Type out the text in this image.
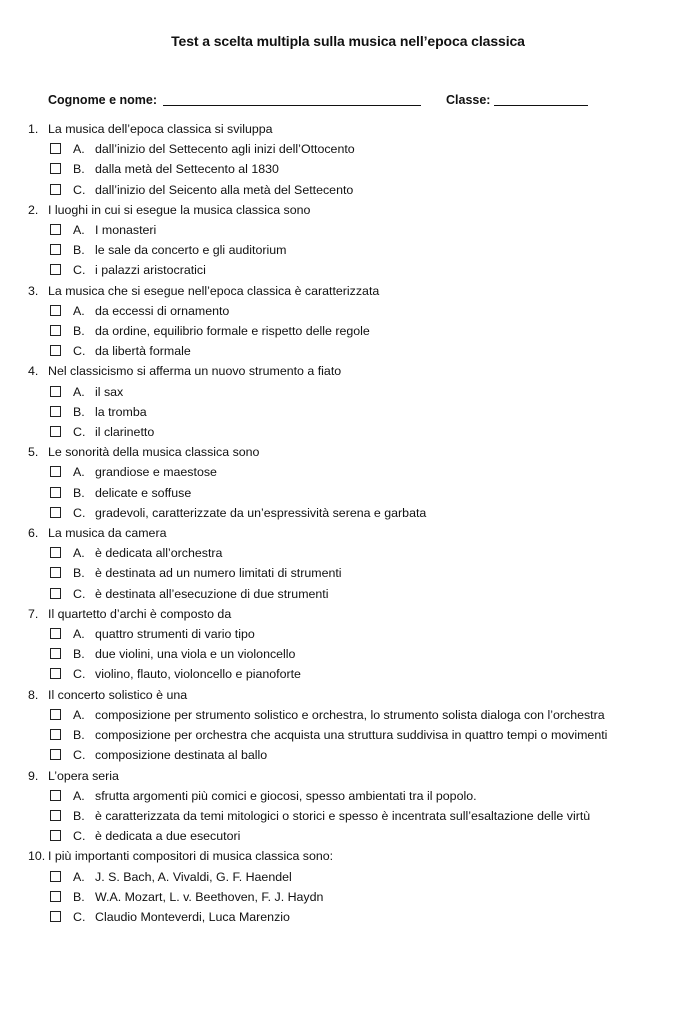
Test a scelta multipla sulla musica nell’epoca classica
Cognome e nome:	Classe:
1. La musica dell’epoca classica si sviluppa
A. dall’inizio del Settecento agli inizi dell’Ottocento
B. dalla metà del Settecento al 1830
C. dall’inizio del Seicento alla metà del Settecento
2. I luoghi in cui si esegue la musica classica sono
A. I monasteri
B. le sale da concerto e gli auditorium
C. i palazzi aristocratici
3. La musica che si esegue nell’epoca classica è caratterizzata
A. da eccessi di ornamento
B. da ordine, equilibrio formale e rispetto delle regole
C. da libertà formale
4. Nel classicismo si afferma un nuovo strumento a fiato
A. il sax
B. la tromba
C. il clarinetto
5. Le sonorità della musica classica sono
A. grandiose e maestose
B. delicate e soffuse
C. gradevoli, caratterizzate da un’espressività serena e garbata
6. La musica da camera
A. è dedicata all’orchestra
B. è destinata ad un numero limitati di strumenti
C. è destinata all’esecuzione di due strumenti
7. Il quartetto d’archi è composto da
A. quattro strumenti di vario tipo
B. due violini, una viola e un violoncello
C. violino, flauto, violoncello e pianoforte
8. Il concerto solistico è una
A. composizione per strumento solistico e orchestra, lo strumento solista dialoga con l’orchestra
B. composizione per orchestra che acquista una struttura suddivisa in quattro tempi o movimenti
C. composizione destinata al ballo
9. L’opera seria
A. sfrutta argomenti più comici e giocosi, spesso ambientati tra il popolo.
B. è caratterizzata da temi mitologici o storici e spesso è incentrata sull’esaltazione delle virtù
C. è dedicata a due esecutori
10. I più importanti compositori di musica classica sono:
A. J. S. Bach, A. Vivaldi, G. F. Haendel
B. W.A. Mozart, L. v. Beethoven, F. J. Haydn
C. Claudio Monteverdi, Luca Marenzio
